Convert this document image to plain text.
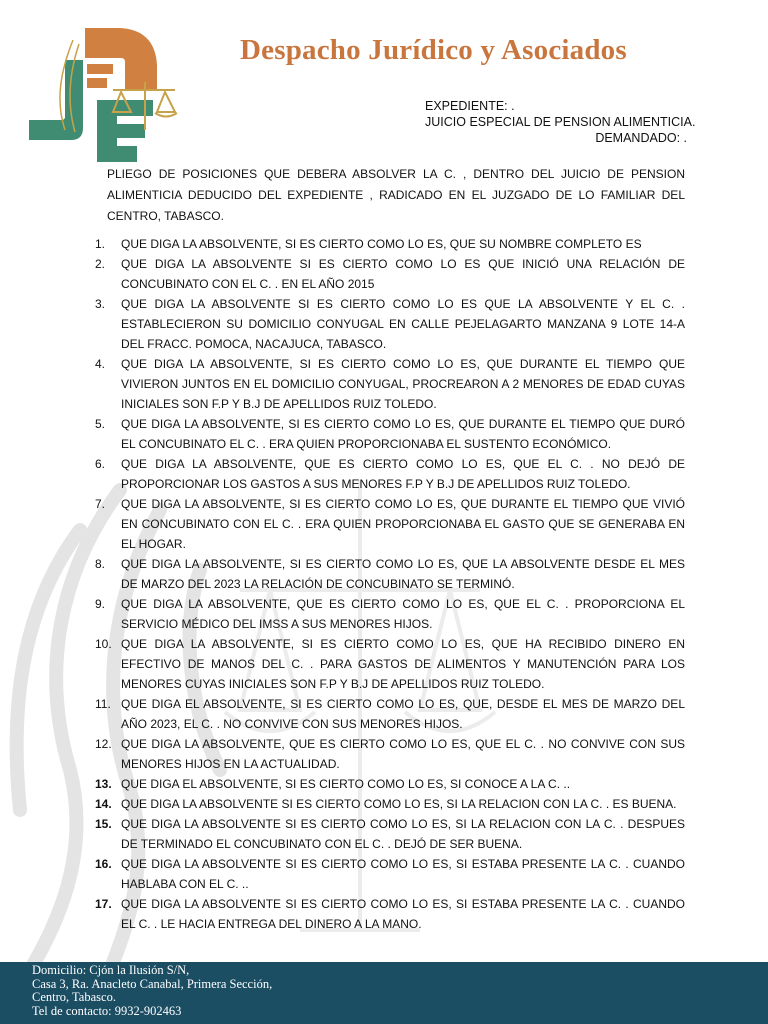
Despacho Jurídico y Asociados
EXPEDIENTE: .
JUICIO ESPECIAL DE PENSION ALIMENTICIA.
DEMANDADO: .
PLIEGO DE POSICIONES QUE DEBERA ABSOLVER LA C. , DENTRO DEL JUICIO DE PENSION ALIMENTICIA DEDUCIDO DEL EXPEDIENTE , RADICADO EN EL JUZGADO DE LO FAMILIAR DEL CENTRO, TABASCO.
1.	QUE DIGA LA ABSOLVENTE, SI ES CIERTO COMO LO ES, QUE SU NOMBRE COMPLETO ES
2.	QUE DIGA LA ABSOLVENTE SI ES CIERTO COMO LO ES QUE INICIÓ UNA RELACIÓN DE CONCUBINATO CON EL C. . EN EL AÑO 2015
3.	QUE DIGA LA ABSOLVENTE SI ES CIERTO COMO LO ES QUE LA ABSOLVENTE Y EL C. . ESTABLECIERON SU DOMICILIO CONYUGAL EN CALLE PEJELAGARTO MANZANA 9 LOTE 14-A DEL FRACC. POMOCA, NACAJUCA, TABASCO.
4.	QUE DIGA LA ABSOLVENTE, SI ES CIERTO COMO LO ES, QUE DURANTE EL TIEMPO QUE VIVIERON JUNTOS EN EL DOMICILIO CONYUGAL, PROCREARON A 2 MENORES DE EDAD CUYAS INICIALES SON F.P Y B.J DE APELLIDOS RUIZ TOLEDO.
5.	QUE DIGA LA ABSOLVENTE, SI ES CIERTO COMO LO ES, QUE DURANTE EL TIEMPO QUE DURÓ EL CONCUBINATO EL C. . ERA QUIEN PROPORCIONABA EL SUSTENTO ECONÓMICO.
6.	QUE DIGA LA ABSOLVENTE, QUE ES CIERTO COMO LO ES, QUE EL C. . NO DEJÓ DE PROPORCIONAR LOS GASTOS A SUS MENORES F.P Y B.J DE APELLIDOS RUIZ TOLEDO.
7.	QUE DIGA LA ABSOLVENTE, SI ES CIERTO COMO LO ES, QUE DURANTE EL TIEMPO QUE VIVIÓ EN CONCUBINATO CON EL C. . ERA QUIEN PROPORCIONABA EL GASTO QUE SE GENERABA EN EL HOGAR.
8.	QUE DIGA LA ABSOLVENTE, SI ES CIERTO COMO LO ES, QUE LA ABSOLVENTE DESDE EL MES DE MARZO DEL 2023 LA RELACIÓN DE CONCUBINATO SE TERMINÓ.
9.	QUE DIGA LA ABSOLVENTE, QUE ES CIERTO COMO LO ES, QUE EL C. . PROPORCIONA EL SERVICIO MÉDICO DEL IMSS A SUS MENORES HIJOS.
10. QUE DIGA LA ABSOLVENTE, SI ES CIERTO COMO LO ES, QUE HA RECIBIDO DINERO EN EFECTIVO DE MANOS DEL C. . PARA GASTOS DE ALIMENTOS Y MANUTENCIÓN PARA LOS MENORES CUYAS INICIALES SON F.P Y B.J DE APELLIDOS RUIZ TOLEDO.
11. QUE DIGA EL ABSOLVENTE, SI ES CIERTO COMO LO ES, QUE, DESDE EL MES DE MARZO DEL AÑO 2023, EL C. . NO CONVIVE CON SUS MENORES HIJOS.
12. QUE DIGA LA ABSOLVENTE, QUE ES CIERTO COMO LO ES, QUE EL C. . NO CONVIVE CON SUS MENORES HIJOS EN LA ACTUALIDAD.
13. QUE DIGA EL ABSOLVENTE, SI ES CIERTO COMO LO ES, SI CONOCE A LA C. ..
14. QUE DIGA LA ABSOLVENTE SI ES CIERTO COMO LO ES, SI LA RELACION CON LA C. . ES BUENA.
15. QUE DIGA LA ABSOLVENTE SI ES CIERTO COMO LO ES, SI LA RELACION CON LA C. . DESPUES DE TERMINADO EL CONCUBINATO CON EL C. . DEJÓ DE SER BUENA.
16. QUE DIGA LA ABSOLVENTE SI ES CIERTO COMO LO ES, SI ESTABA PRESENTE LA C. . CUANDO HABLABA CON EL C. ..
17. QUE DIGA LA ABSOLVENTE SI ES CIERTO COMO LO ES, SI ESTABA PRESENTE LA C. . CUANDO EL C. . LE HACIA ENTREGA DEL DINERO A LA MANO.
Domicilio: Cjón la Ilusión S/N,
Casa 3, Ra. Anacleto Canabal, Primera Sección,
Centro, Tabasco.
Tel de contacto: 9932-902463
